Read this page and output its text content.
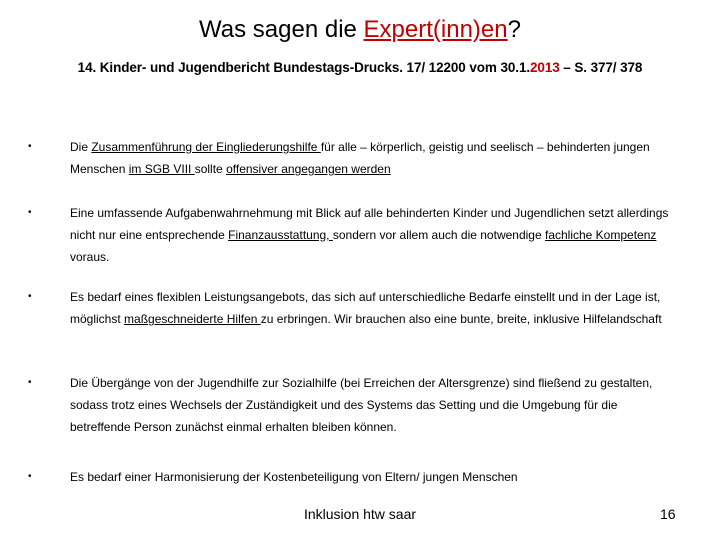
Was sagen die Expert(inn)en?
14. Kinder- und Jugendbericht Bundestags-Drucks. 17/ 12200 vom 30.1.2013 – S. 377/ 378
•	Die Zusammenführung der Eingliederungshilfe für alle – körperlich, geistig und seelisch – behinderten jungen Menschen im SGB VIII sollte offensiver angegangen werden
•	Eine umfassende Aufgabenwahrnehmung mit Blick auf alle behinderten Kinder und Jugendlichen setzt allerdings nicht nur eine entsprechende Finanzausstattung, sondern vor allem auch die notwendige fachliche Kompetenz voraus.
•	Es bedarf eines flexiblen Leistungsangebots, das sich auf unterschiedliche Bedarfe einstellt und in der Lage ist, möglichst maßgeschneiderte Hilfen zu erbringen. Wir brauchen also eine bunte, breite, inklusive Hilfelandschaft
•	Die Übergänge von der Jugendhilfe zur Sozialhilfe (bei Erreichen der Altersgrenze) sind fließend zu gestalten, sodass trotz eines Wechsels der Zuständigkeit und des Systems das Setting und die Umgebung für die betreffende Person zunächst einmal erhalten bleiben können.
•	Es bedarf einer Harmonisierung der Kostenbeteiligung von Eltern/ jungen Menschen
Inklusion htw saar	16
